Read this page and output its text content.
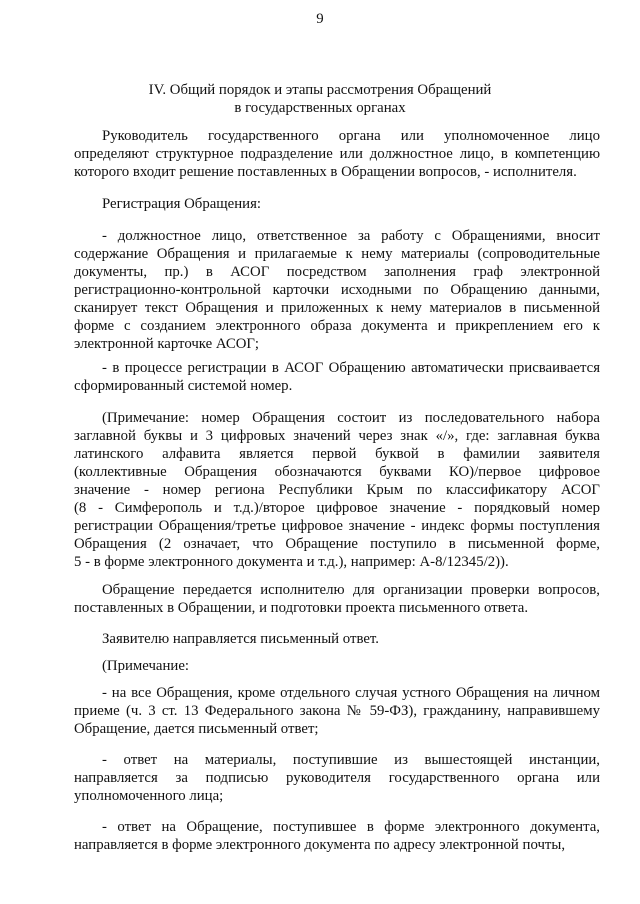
9
IV. Общий порядок и этапы рассмотрения Обращений
в государственных органах
Руководитель государственного органа или уполномоченное лицо
определяют структурное подразделение или должностное лицо, в компетенцию
которого входит решение поставленных в Обращении вопросов, - исполнителя.
Регистрация Обращения:
- должностное лицо, ответственное за работу с Обращениями, вносит
содержание Обращения и прилагаемые к нему материалы (сопроводительные
документы, пр.) в АСОГ посредством заполнения граф электронной
регистрационно-контрольной карточки исходными по Обращению данными,
сканирует текст Обращения и приложенных к нему материалов в письменной
форме с созданием электронного образа документа и прикреплением его к
электронной карточке АСОГ;
- в процессе регистрации в АСОГ Обращению автоматически присваивается
сформированный системой номер.
(Примечание: номер Обращения состоит из последовательного набора
заглавной буквы и 3 цифровых значений через знак «/», где: заглавная буква
латинского алфавита является первой буквой в фамилии заявителя
(коллективные Обращения обозначаются буквами КО)/первое цифровое
значение - номер региона Республики Крым по классификатору АСОГ
(8 - Симферополь и т.д.)/второе цифровое значение - порядковый номер
регистрации Обращения/третье цифровое значение - индекс формы поступления
Обращения (2 означает, что Обращение поступило в письменной форме,
5 - в форме электронного документа и т.д.), например: А-8/12345/2)).
Обращение передается исполнителю для организации проверки вопросов,
поставленных в Обращении, и подготовки проекта письменного ответа.
Заявителю направляется письменный ответ.
(Примечание:
- на все Обращения, кроме отдельного случая устного Обращения на личном
приеме (ч. 3 ст. 13 Федерального закона № 59-ФЗ), гражданину, направившему
Обращение, дается письменный ответ;
- ответ на материалы, поступившие из вышестоящей инстанции,
направляется за подписью руководителя государственного органа или
уполномоченного лица;
- ответ на Обращение, поступившее в форме электронного документа,
направляется в форме электронного документа по адресу электронной почты,
